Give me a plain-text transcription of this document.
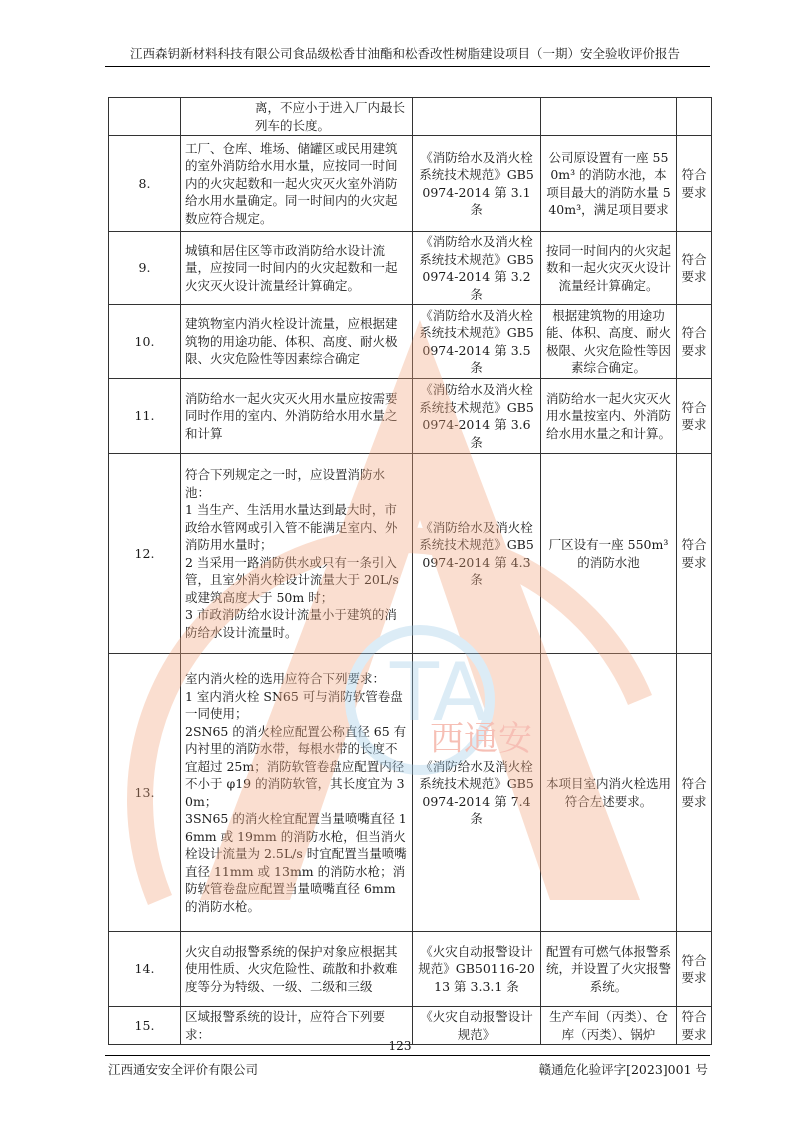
江西森钥新材料科技有限公司食品级松香甘油酯和松香改性树脂建设项目（一期）安全验收评价报告
	离，不应小于进入厂内最长列车的长度。			
8.	工厂、仓库、堆场、储罐区或民用建筑的室外消防给水用水量，应按同一时间内的火灾起数和一起火灾灭火室外消防给水用水量确定。同一时间内的火灾起数应符合规定。	《消防给水及消火栓系统技术规范》GB50974-2014 第 3.1 条	公司原设置有一座 550m³ 的消防水池，本项目最大的消防水量 540m³，满足项目要求	符合要求
9.	城镇和居住区等市政消防给水设计流量，应按同一时间内的火灾起数和一起火灾灭火设计流量经计算确定。	《消防给水及消火栓系统技术规范》GB50974-2014 第 3.2 条	按同一时间内的火灾起数和一起火灾灭火设计流量经计算确定。	符合要求
10.	建筑物室内消火栓设计流量，应根据建筑物的用途功能、体积、高度、耐火极限、火灾危险性等因素综合确定	《消防给水及消火栓系统技术规范》GB50974-2014 第 3.5 条	根据建筑物的用途功能、体积、高度、耐火极限、火灾危险性等因素综合确定。	符合要求
11.	消防给水一起火灾灭火用水量应按需要同时作用的室内、外消防给水用水量之和计算	《消防给水及消火栓系统技术规范》GB50974-2014 第 3.6 条	消防给水一起火灾灭火用水量按室内、外消防给水用水量之和计算。	符合要求
12.	符合下列规定之一时，应设置消防水池：
1 当生产、生活用水量达到最大时，市政给水管网或引入管不能满足室内、外消防用水量时；
2 当采用一路消防供水或只有一条引入管，且室外消火栓设计流量大于 20L/s 或建筑高度大于 50m 时；
3 市政消防给水设计流量小于建筑的消防给水设计流量时。	《消防给水及消火栓系统技术规范》GB50974-2014 第 4.3 条	厂区设有一座 550m³ 的消防水池	符合要求
13.	室内消火栓的选用应符合下列要求：
1 室内消火栓 SN65 可与消防软管卷盘一同使用；
2SN65 的消火栓应配置公称直径 65 有内衬里的消防水带，每根水带的长度不宜超过 25m；消防软管卷盘应配置内径不小于 φ19 的消防软管，其长度宜为 30m；
3SN65 的消火栓宜配置当量喷嘴直径 16mm 或 19mm 的消防水枪，但当消火栓设计流量为 2.5L/s 时宜配置当量喷嘴直径 11mm 或 13mm 的消防水枪；消防软管卷盘应配置当量喷嘴直径 6mm 的消防水枪。	《消防给水及消火栓系统技术规范》GB50974-2014 第 7.4 条	本项目室内消火栓选用符合左述要求。	符合要求
14.	火灾自动报警系统的保护对象应根据其使用性质、火灾危险性、疏散和扑救难度等分为特级、一级、二级和三级	《火灾自动报警设计规范》GB50116-2013 第 3.3.1 条	配置有可燃气体报警系统，并设置了火灾报警系统。	符合要求
15.	区域报警系统的设计，应符合下列要求：	《火灾自动报警设计规范》	生产车间（丙类）、仓库（丙类）、锅炉	符合要求
TA
西通安
123
江西通安安全评价有限公司	赣通危化验评字[2023]001 号
